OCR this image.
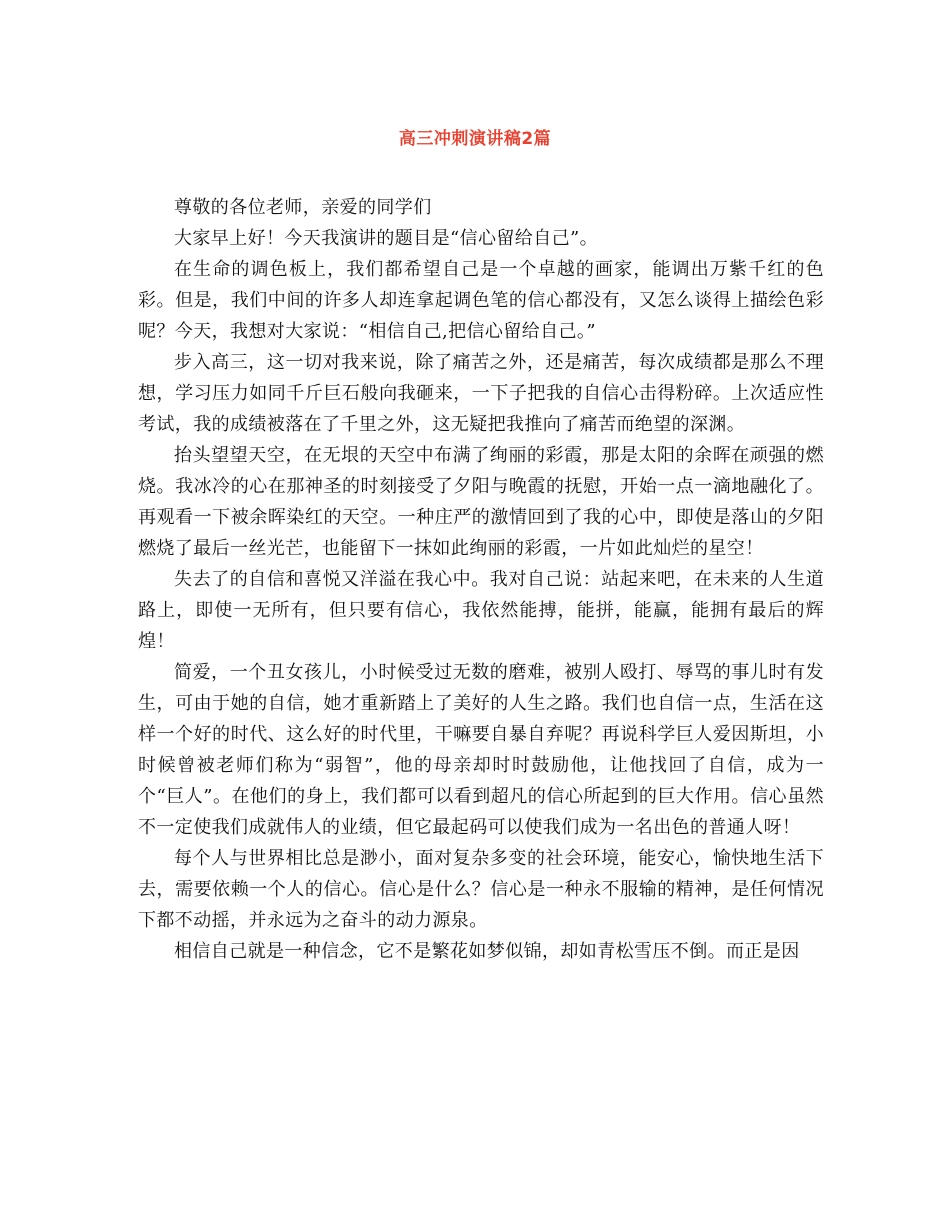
高三冲刺演讲稿2篇

尊敬的各位老师，亲爱的同学们

大家早上好！今天我演讲的题目是“信心留给自己”。

在生命的调色板上，我们都希望自己是一个卓越的画家，能调出万紫千红的色彩。但是，我们中间的许多人却连拿起调色笔的信心都没有，又怎么谈得上描绘色彩呢？今天，我想对大家说：“相信自己,把信心留给自己。”

步入高三，这一切对我来说，除了痛苦之外，还是痛苦，每次成绩都是那么不理想，学习压力如同千斤巨石般向我砸来，一下子把我的自信心击得粉碎。上次适应性考试，我的成绩被落在了千里之外，这无疑把我推向了痛苦而绝望的深渊。

抬头望望天空，在无垠的天空中布满了绚丽的彩霞，那是太阳的余晖在顽强的燃烧。我冰冷的心在那神圣的时刻接受了夕阳与晚霞的抚慰，开始一点一滴地融化了。再观看一下被余晖染红的天空。一种庄严的激情回到了我的心中，即使是落山的夕阳燃烧了最后一丝光芒，也能留下一抹如此绚丽的彩霞，一片如此灿烂的星空！

失去了的自信和喜悦又洋溢在我心中。我对自己说：站起来吧，在未来的人生道路上，即使一无所有，但只要有信心，我依然能搏，能拼，能赢，能拥有最后的辉煌！

简爱，一个丑女孩儿，小时候受过无数的磨难，被别人殴打、辱骂的事儿时有发生，可由于她的自信，她才重新踏上了美好的人生之路。我们也自信一点，生活在这样一个好的时代、这么好的时代里，干嘛要自暴自弃呢？再说科学巨人爱因斯坦，小时候曾被老师们称为“弱智”，他的母亲却时时鼓励他，让他找回了自信，成为一个“巨人”。在他们的身上，我们都可以看到超凡的信心所起到的巨大作用。信心虽然不一定使我们成就伟人的业绩，但它最起码可以使我们成为一名出色的普通人呀！

每个人与世界相比总是渺小，面对复杂多变的社会环境，能安心，愉快地生活下去，需要依赖一个人的信心。信心是什么？信心是一种永不服输的精神，是任何情况下都不动摇，并永远为之奋斗的动力源泉。

相信自己就是一种信念，它不是繁花如梦似锦，却如青松雪压不倒。而正是因
